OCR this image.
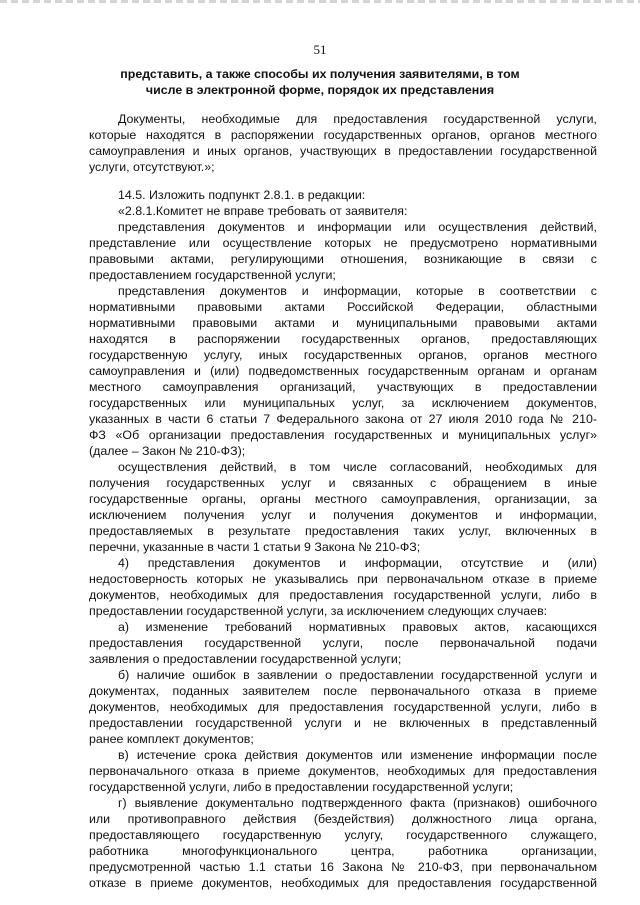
51
представить, а также способы их получения заявителями, в том
числе в электронной форме, порядок их представления
Документы, необходимые для предоставления государственной услуги,
которые находятся в распоряжении государственных органов, органов местного
самоуправления и иных органов, участвующих в предоставлении государственной
услуги, отсутствуют.»;
14.5. Изложить подпункт 2.8.1. в редакции:
«2.8.1.Комитет не вправе требовать от заявителя:
представления документов и информации или осуществления действий,
представление или осуществление которых не предусмотрено нормативными
правовыми актами, регулирующими отношения, возникающие в связи с
предоставлением государственной услуги;
представления документов и информации, которые в соответствии с
нормативными правовыми актами Российской Федерации, областными
нормативными правовыми актами и муниципальными правовыми актами
находятся в распоряжении государственных органов, предоставляющих
государственную услугу, иных государственных органов, органов местного
самоуправления и (или) подведомственных государственным органам и органам
местного самоуправления организаций, участвующих в предоставлении
государственных или муниципальных услуг, за исключением документов,
указанных в части 6 статьи 7 Федерального закона от 27 июля 2010 года № 210-
ФЗ «Об организации предоставления государственных и муниципальных услуг»
(далее – Закон № 210-ФЗ);
осуществления действий, в том числе согласований, необходимых для
получения государственных услуг и связанных с обращением в иные
государственные органы, органы местного самоуправления, организации, за
исключением получения услуг и получения документов и информации,
предоставляемых в результате предоставления таких услуг, включенных в
перечни, указанные в части 1 статьи 9 Закона № 210-ФЗ;
4) представления документов и информации, отсутствие и (или)
недостоверность которых не указывались при первоначальном отказе в приеме
документов, необходимых для предоставления государственной услуги, либо в
предоставлении государственной услуги, за исключением следующих случаев:
а) изменение требований нормативных правовых актов, касающихся
предоставления государственной услуги, после первоначальной подачи
заявления о предоставлении государственной услуги;
б) наличие ошибок в заявлении о предоставлении государственной услуги и
документах, поданных заявителем после первоначального отказа в приеме
документов, необходимых для предоставления государственной услуги, либо в
предоставлении государственной услуги и не включенных в представленный
ранее комплект документов;
в) истечение срока действия документов или изменение информации после
первоначального отказа в приеме документов, необходимых для предоставления
государственной услуги, либо в предоставлении государственной услуги;
г) выявление документально подтвержденного факта (признаков) ошибочного
или противоправного действия (бездействия) должностного лица органа,
предоставляющего государственную услугу, государственного служащего,
работника многофункционального центра, работника организации,
предусмотренной частью 1.1 статьи 16 Закона № 210-ФЗ, при первоначальном
отказе в приеме документов, необходимых для предоставления государственной
